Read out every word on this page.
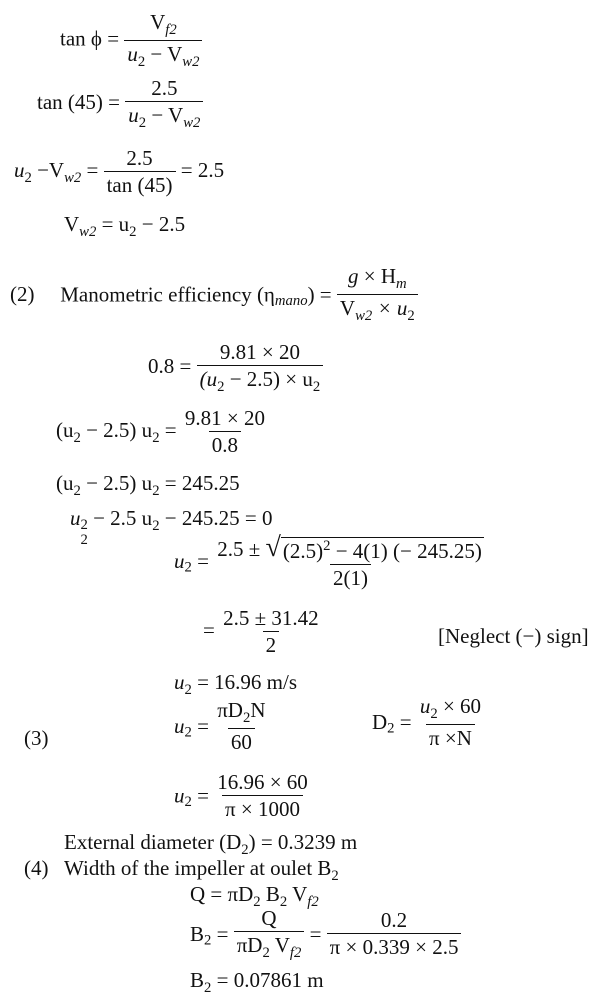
$\tan \phi = \frac{V_{f2}}{u_2 - V_{w2}}$
$\tan (45) = \frac{2.5}{u_2 - V_{w2}}$
$u_2 -V_{w2} = \frac{2.5}{\tan (45)} = 2.5$
$V_{w2} = u_2 - 2.5$
(2) Manometric efficiency $(\eta_{mano}) = \frac{g \times H_m}{V_{w2} \times u_2}$
$0.8 = \frac{9.81 \times 20}{(u_2 - 2.5) \times u_2}$
$(u_2 - 2.5) u_2 = \frac{9.81 \times 20}{0.8}$
$(u_2 - 2.5) u_2 = 245.25$
u 2
2
− 2.5 $u_2 - 245.25 = 0$
$u_2 = \frac{2.5 \pm √ (2.5)^2 - 4(1) (- 245.25)}{2(1)}$
= $\frac{2.5 \pm 31.42}{2}$	[Neglect (−) sign]
$u_2 = 16.96$ m/s
(3)
$u_2 = \frac{\pi D_2N}{60}$	$D_2 = \frac{u_2 \times 60}{\pi \times N}$
$u_2 = \frac{16.96 \times 60}{\pi \times 1000}$
External diameter $(D_2) = 0.3239$ m
(4) Width of the impeller at oulet $B_2$
$Q = \pi D_2$ $B_2$ $V_{f2}$
$B_2 = \frac{Q}{\pi D_2 V_{f2}} = \frac{0.2}{\pi \times 0.339 \times 2.5}$
$B_2 = 0.07861$ m
